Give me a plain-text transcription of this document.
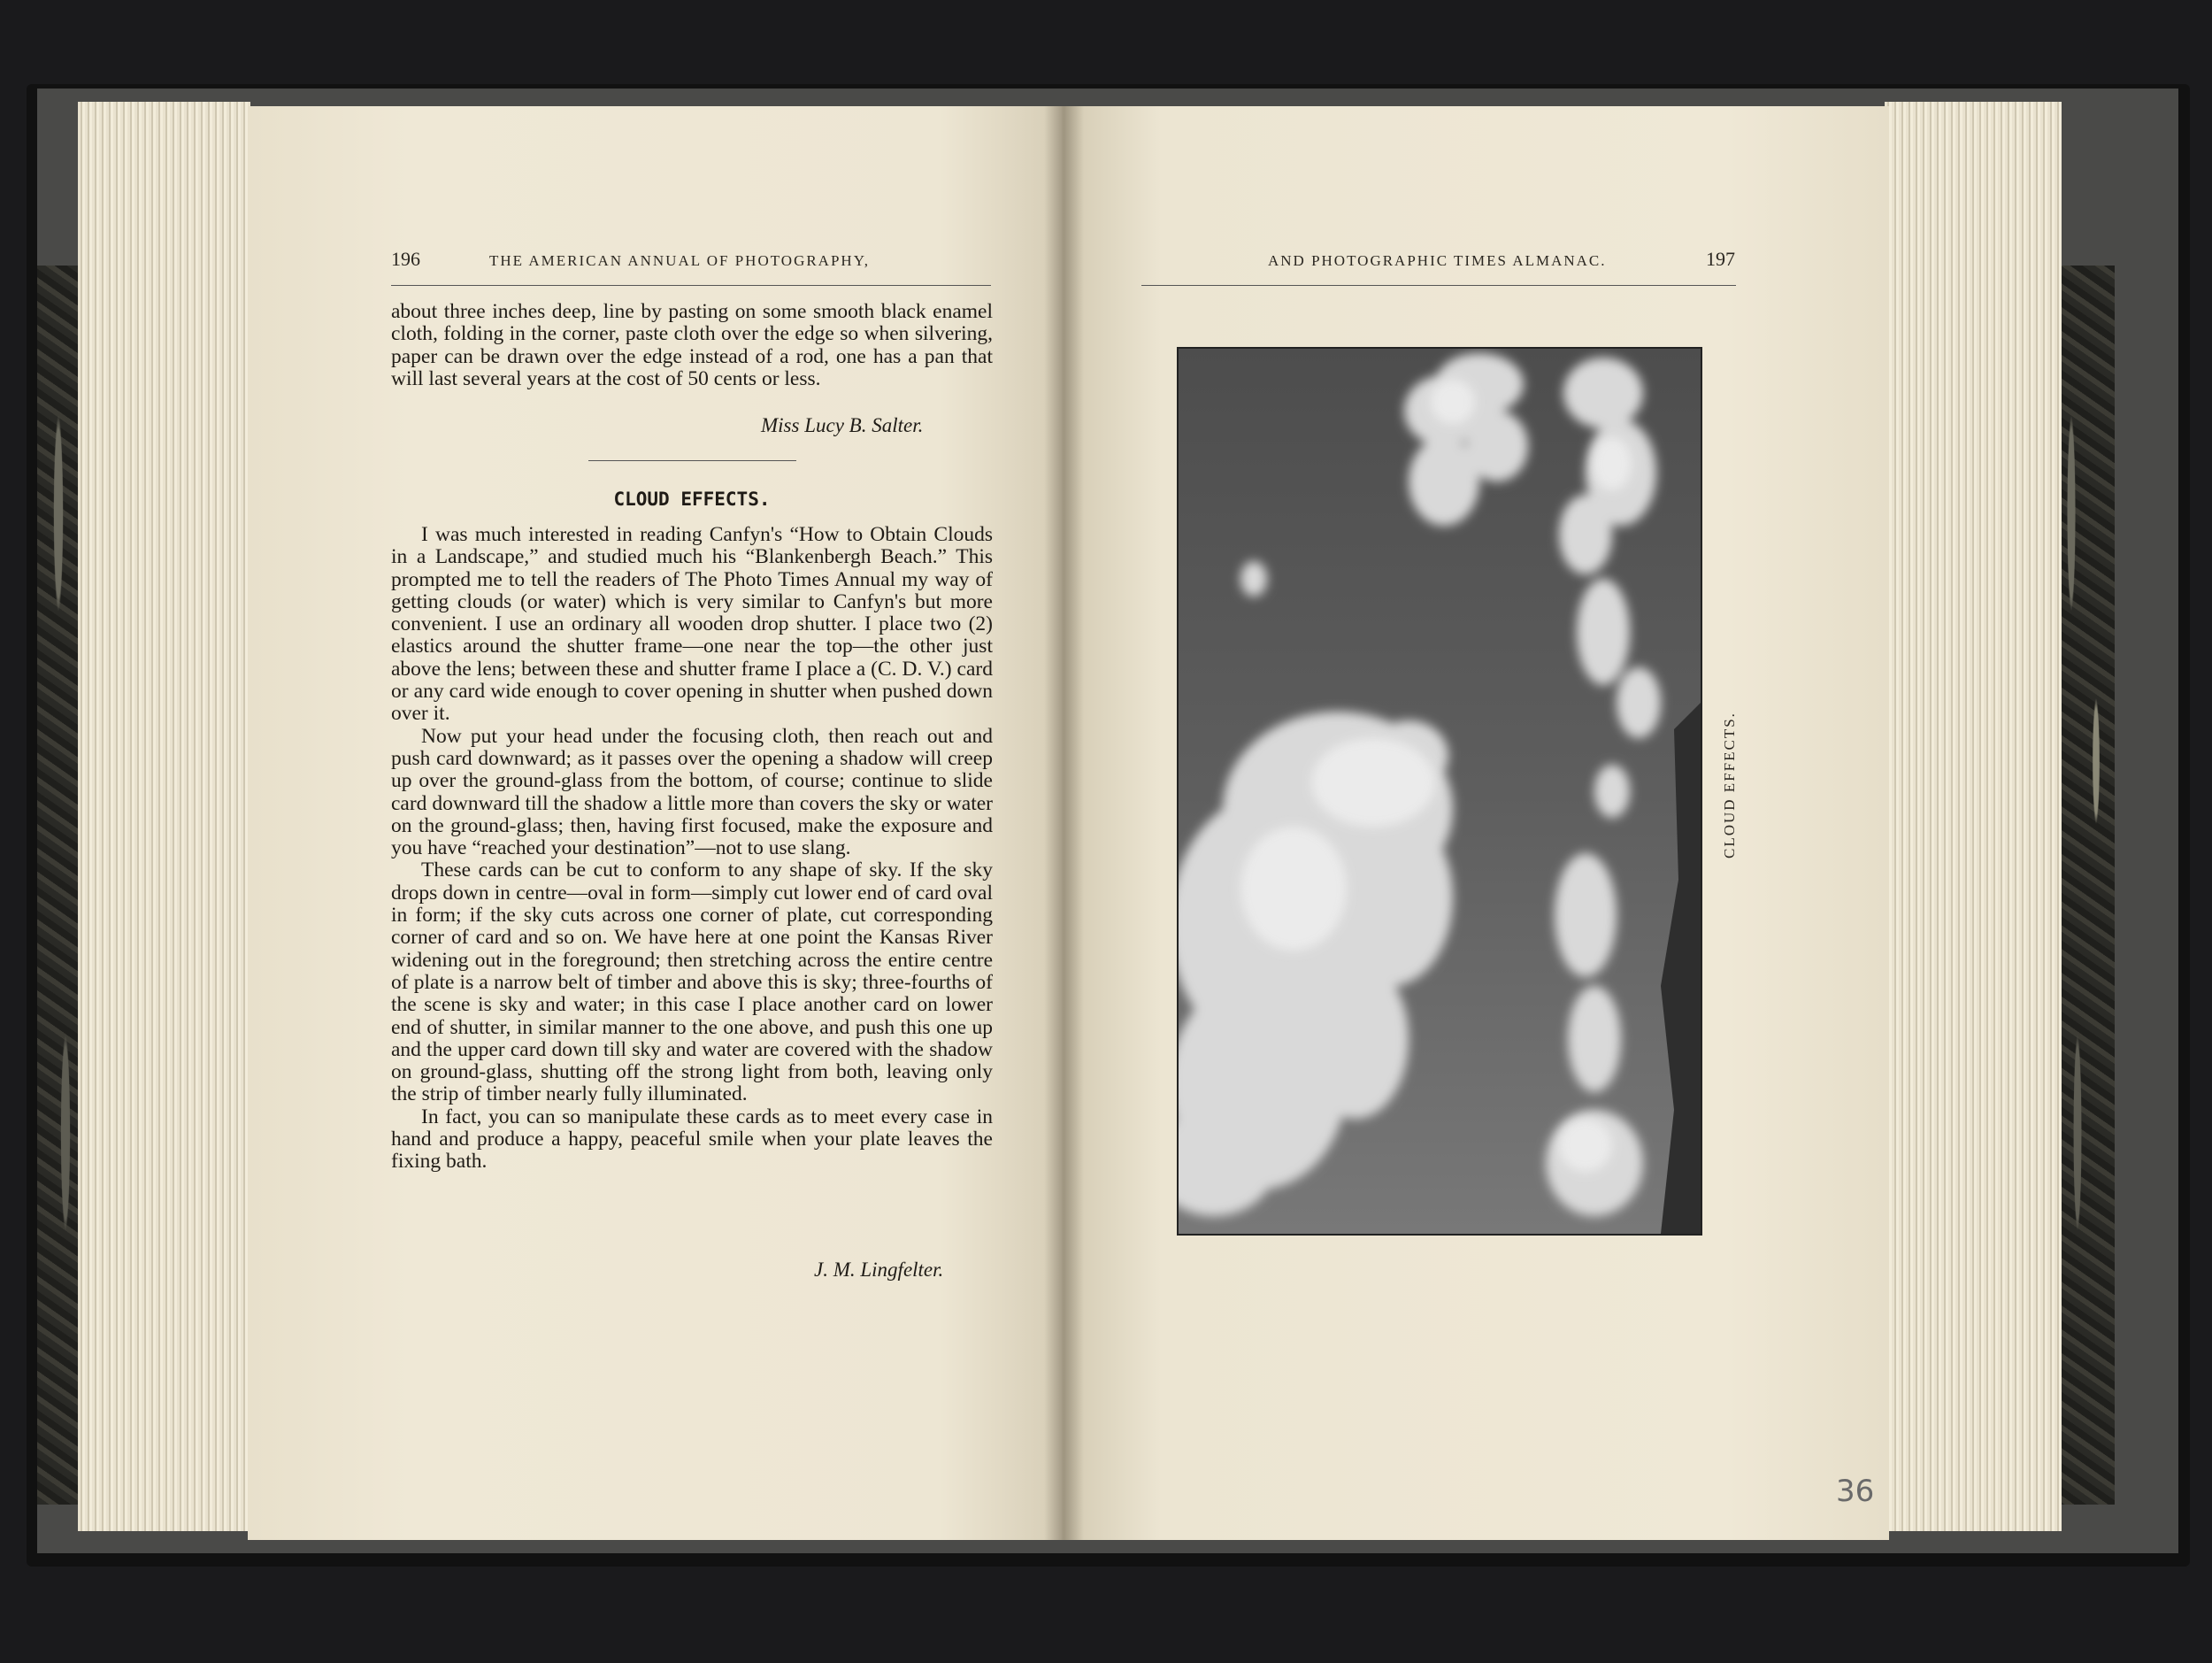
196	THE AMERICAN ANNUAL OF PHOTOGRAPHY,

about three inches deep, line by pasting on some smooth black enamel cloth, folding in the corner, paste cloth over the edge so when silvering, paper can be drawn over the edge instead of a rod, one has a pan that will last several years at the cost of 50 cents or less.

Miss Lucy B. Salter.
CLOUD EFFECTS.

I was much interested in reading Canfyn's “How to Obtain Clouds in a Landscape,” and studied much his “Blankenbergh Beach.” This prompted me to tell the readers of The Photo Times Annual my way of getting clouds (or water) which is very similar to Canfyn's but more convenient. I use an ordinary all wooden drop shutter. I place two (2) elastics around the shutter frame—one near the top—the other just above the lens; between these and shutter frame I place a (C. D. V.) card or any card wide enough to cover opening in shutter when pushed down over it.

Now put your head under the focusing cloth, then reach out and push card downward; as it passes over the opening a shadow will creep up over the ground-glass from the bottom, of course; continue to slide card downward till the shadow a little more than covers the sky or water on the ground-glass; then, having first focused, make the exposure and you have “reached your destination”—not to use slang.

These cards can be cut to conform to any shape of sky. If the sky drops down in centre—oval in form—simply cut lower end of card oval in form; if the sky cuts across one corner of plate, cut corresponding corner of card and so on. We have here at one point the Kansas River widening out in the foreground; then stretching across the entire centre of plate is a narrow belt of timber and above this is sky; three-fourths of the scene is sky and water; in this case I place another card on lower end of shutter, in similar manner to the one above, and push this one up and the upper card down till sky and water are covered with the shadow on ground-glass, shutting off the strong light from both, leaving only the strip of timber nearly fully illuminated.

In fact, you can so manipulate these cards as to meet every case in hand and produce a happy, peaceful smile when your plate leaves the fixing bath.

J. M. Lingfelter.
AND PHOTOGRAPHIC TIMES ALMANAC.	197
CLOUD EFFECTS.
36
